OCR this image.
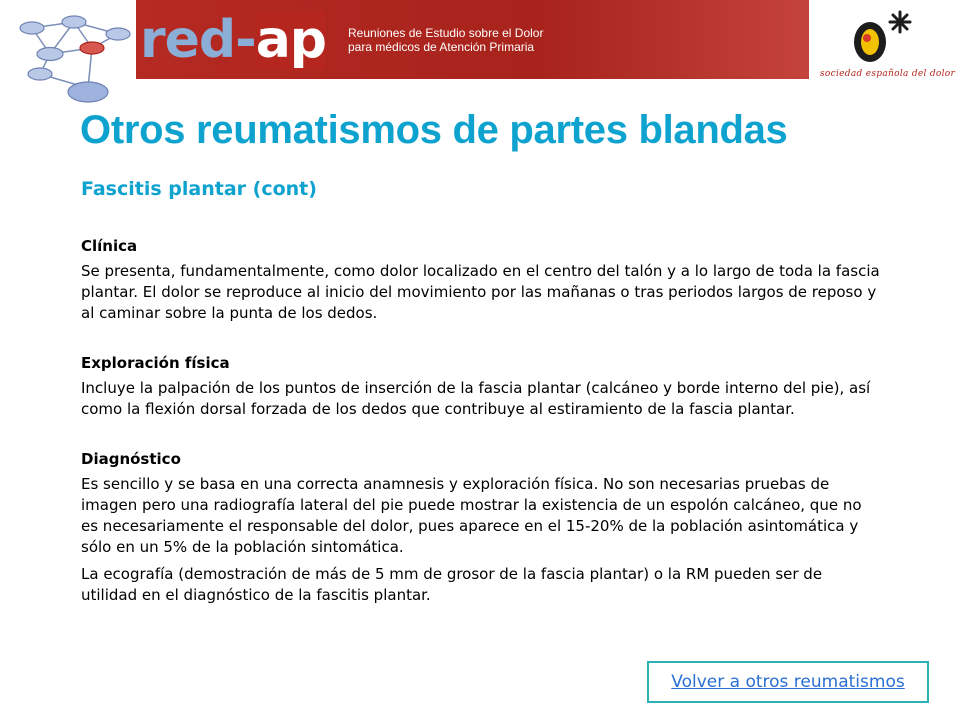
red-ap Reuniones de Estudio sobre el Dolor
para médicos de Atención Primaria
sociedad española del dolor
Otros reumatismos de partes blandas
Fascitis plantar (cont)
Clínica

Se presenta, fundamentalmente, como dolor localizado en el centro del talón y a lo largo de toda la fascia plantar. El dolor se reproduce al inicio del movimiento por las mañanas o tras periodos largos de reposo y al caminar sobre la punta de los dedos.

Exploración física

Incluye la palpación de los puntos de inserción de la fascia plantar (calcáneo y borde interno del pie), así como la flexión dorsal forzada de los dedos que contribuye al estiramiento de la fascia plantar.

Diagnóstico

Es sencillo y se basa en una correcta anamnesis y exploración física. No son necesarias pruebas de imagen pero una radiografía lateral del pie puede mostrar la existencia de un espolón calcáneo, que no es necesariamente el responsable del dolor, pues aparece en el 15-20% de la población asintomática y sólo en un 5% de la población sintomática.

La ecografía (demostración de más de 5 mm de grosor de la fascia plantar) o la RM pueden ser de utilidad en el diagnóstico de la fascitis plantar.

Volver a otros reumatismos
